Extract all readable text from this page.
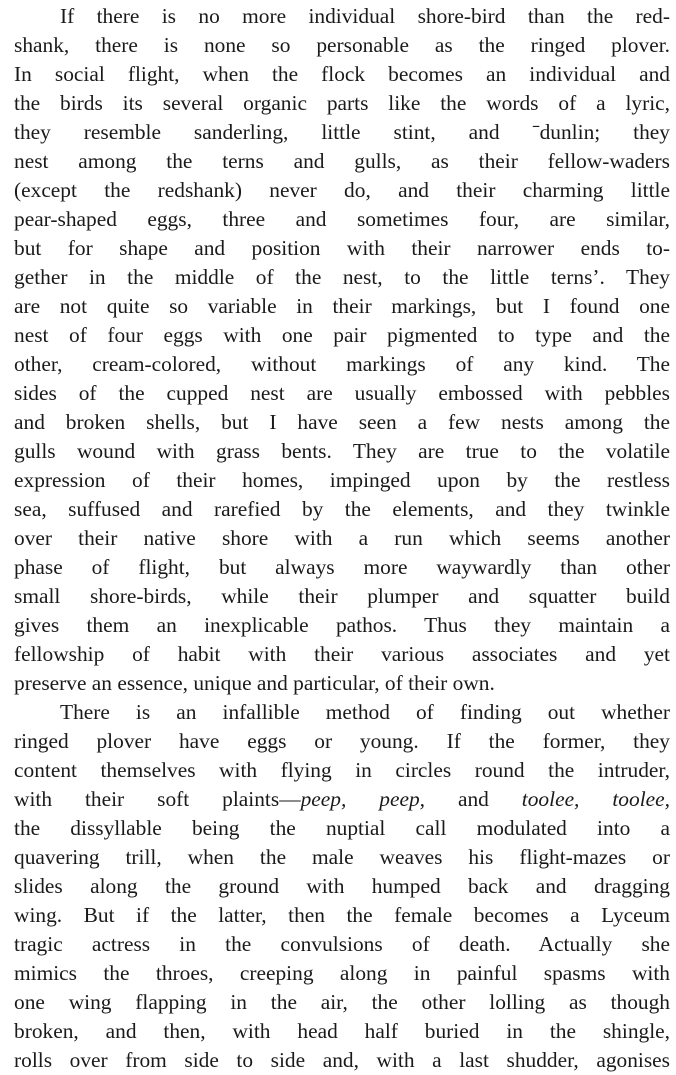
If there is no more individual shore-bird than the red-
shank, there is none so personable as the ringed plover.
In social flight, when the flock becomes an individual and
the birds its several organic parts like the words of a lyric,
they resemble sanderling, little stint, and ˉdunlin; they
nest among the terns and gulls, as their fellow-waders
(except the redshank) never do, and their charming little
pear-shaped eggs, three and sometimes four, are similar,
but for shape and position with their narrower ends to-
gether in the middle of the nest, to the little terns’. They
are not quite so variable in their markings, but I found one
nest of four eggs with one pair pigmented to type and the
other, cream-colored, without markings of any kind. The
sides of the cupped nest are usually embossed with pebbles
and broken shells, but I have seen a few nests among the
gulls wound with grass bents. They are true to the volatile
expression of their homes, impinged upon by the restless
sea, suffused and rarefied by the elements, and they twinkle
over their native shore with a run which seems another
phase of flight, but always more waywardly than other
small shore-birds, while their plumper and squatter build
gives them an inexplicable pathos. Thus they maintain a
fellowship of habit with their various associates and yet
preserve an essence, unique and particular, of their own.

There is an infallible method of finding out whether
ringed plover have eggs or young. If the former, they
content themselves with flying in circles round the intruder,
with their soft plaints—peep, peep, and toolee, toolee,
the dissyllable being the nuptial call modulated into a
quavering trill, when the male weaves his flight-mazes or
slides along the ground with humped back and dragging
wing. But if the latter, then the female becomes a Lyceum
tragic actress in the convulsions of death. Actually she
mimics the throes, creeping along in painful spasms with
one wing flapping in the air, the other lolling as though
broken, and then, with head half buried in the shingle,
rolls over from side to side and, with a last shudder, agonises
